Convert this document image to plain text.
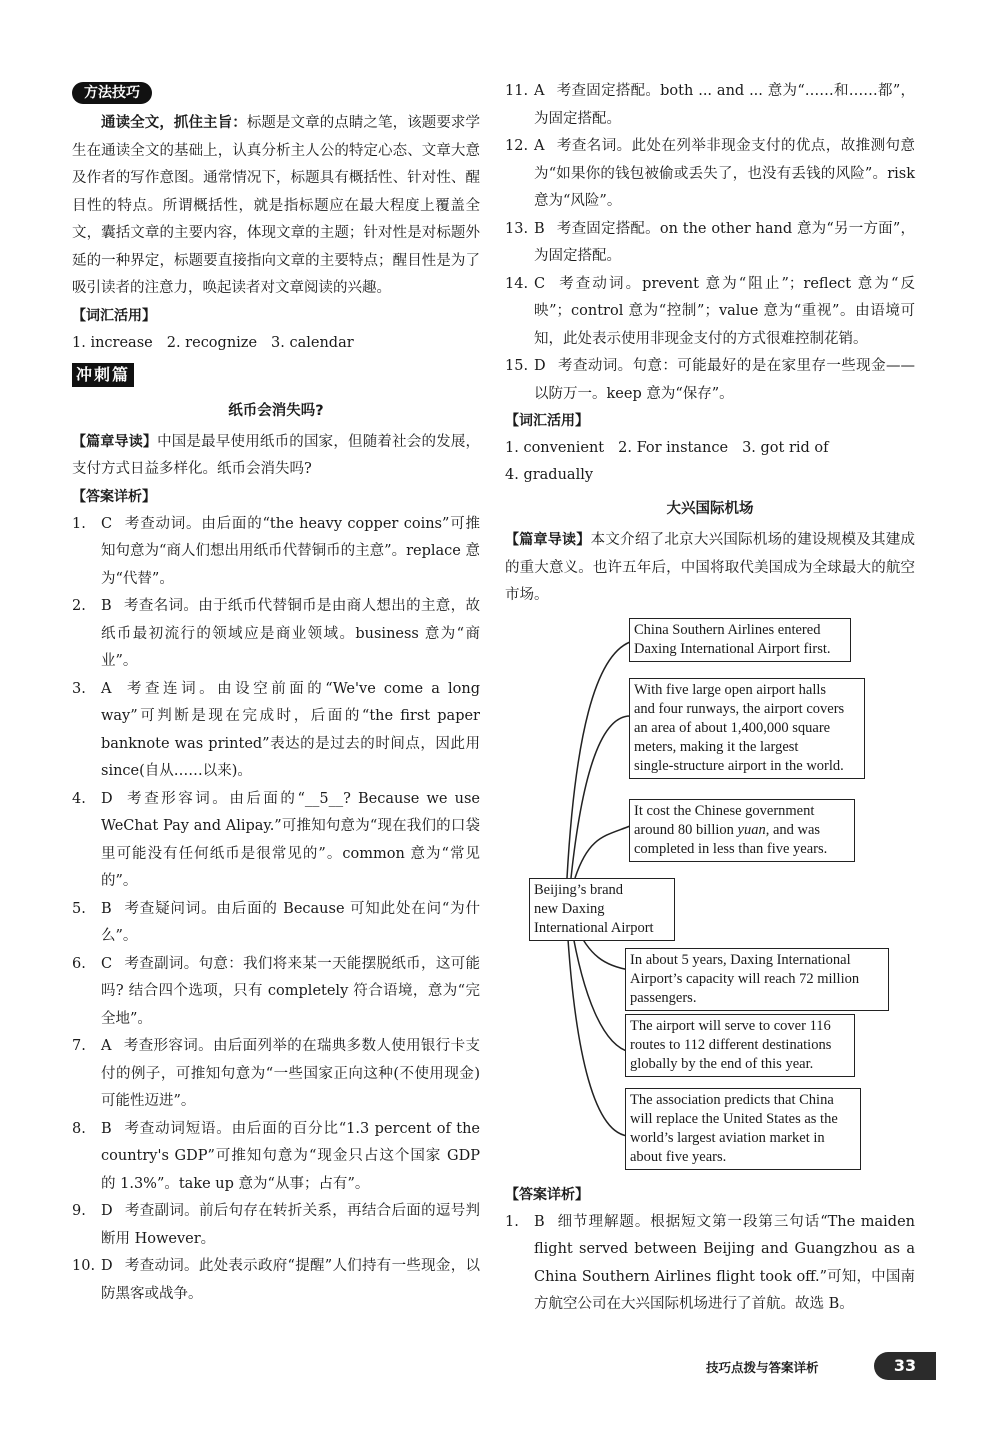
方法技巧

通读全文，抓住主旨：标题是文章的点睛之笔，该题要求学生在通读全文的基础上，认真分析主人公的特定心态、文章大意及作者的写作意图。通常情况下，标题具有概括性、针对性、醒目性的特点。所谓概括性，就是指标题应在最大程度上覆盖全文，囊括文章的主要内容，体现文章的主题；针对性是对标题外延的一种界定，标题要直接指向文章的主要特点；醒目性是为了吸引读者的注意力，唤起读者对文章阅读的兴趣。

【词汇活用】
1. increase 2. recognize 3. calendar
冲刺篇
纸币会消失吗?

【篇章导读】中国是最早使用纸币的国家，但随着社会的发展，支付方式日益多样化。纸币会消失吗?

【答案详析】

1. C 考查动词。由后面的“the heavy copper coins”可推知句意为“商人们想出用纸币代替铜币的主意”。replace 意为“代替”。

2. B 考查名词。由于纸币代替铜币是由商人想出的主意，故纸币最初流行的领域应是商业领域。business 意为“商业”。

3. A 考查连词。由设空前面的“We've come a long way”可判断是现在完成时，后面的“the first paper banknote was printed”表达的是过去的时间点，因此用 since(自从……以来)。

4. D 考查形容词。由后面的“__5__? Because we use WeChat Pay and Alipay.”可推知句意为“现在我们的口袋里可能没有任何纸币是很常见的”。common 意为“常见的”。

5. B 考查疑问词。由后面的 Because 可知此处在问“为什么”。

6. C 考查副词。句意：我们将来某一天能摆脱纸币，这可能吗? 结合四个选项，只有 completely 符合语境，意为“完全地”。

7. A 考查形容词。由后面列举的在瑞典多数人使用银行卡支付的例子，可推知句意为“一些国家正向这种(不使用现金)可能性迈进”。

8. B 考查动词短语。由后面的百分比“1.3 percent of the country's GDP”可推知句意为“现金只占这个国家 GDP 的 1.3%”。take up 意为“从事；占有”。

9. D 考查副词。前后句存在转折关系，再结合后面的逗号判断用 However。

10. D 考查动词。此处表示政府“提醒”人们持有一些现金，以防黑客或战争。

11. A 考查固定搭配。both ... and ... 意为“……和……都”，为固定搭配。

12. A 考查名词。此处在列举非现金支付的优点，故推测句意为“如果你的钱包被偷或丢失了，也没有丢钱的风险”。risk 意为“风险”。

13. B 考查固定搭配。on the other hand 意为“另一方面”，为固定搭配。

14. C 考查动词。prevent 意为“阻止”；reflect 意为“反映”；control 意为“控制”；value 意为“重视”。由语境可知，此处表示使用非现金支付的方式很难控制花销。

15. D 考查动词。句意：可能最好的是在家里存一些现金——以防万一。keep 意为“保存”。

【词汇活用】
1. convenient 2. For instance 3. got rid of
4. gradually
大兴国际机场

【篇章导读】本文介绍了北京大兴国际机场的建设规模及其建成的重大意义。也许五年后，中国将取代美国成为全球最大的航空市场。

Beijing’s brand
new Daxing
International Airport
China Southern Airlines entered
Daxing International Airport first.
With five large open airport halls
and four runways, the airport covers
an area of about 1,400,000 square
meters, making it the largest
single-structure airport in the world.
It cost the Chinese government
around 80 billion yuan, and was
completed in less than five years.
In about 5 years, Daxing International
Airport’s capacity will reach 72 million
passengers.
The airport will serve to cover 116
routes to 112 different destinations
globally by the end of this year.
The association predicts that China
will replace the United States as the
world’s largest aviation market in
about five years.
【答案详析】

1. B 细节理解题。根据短文第一段第三句话“The maiden flight served between Beijing and Guangzhou as a China Southern Airlines flight took off.”可知，中国南方航空公司在大兴国际机场进行了首航。故选 B。

技巧点拨与答案详析	33
